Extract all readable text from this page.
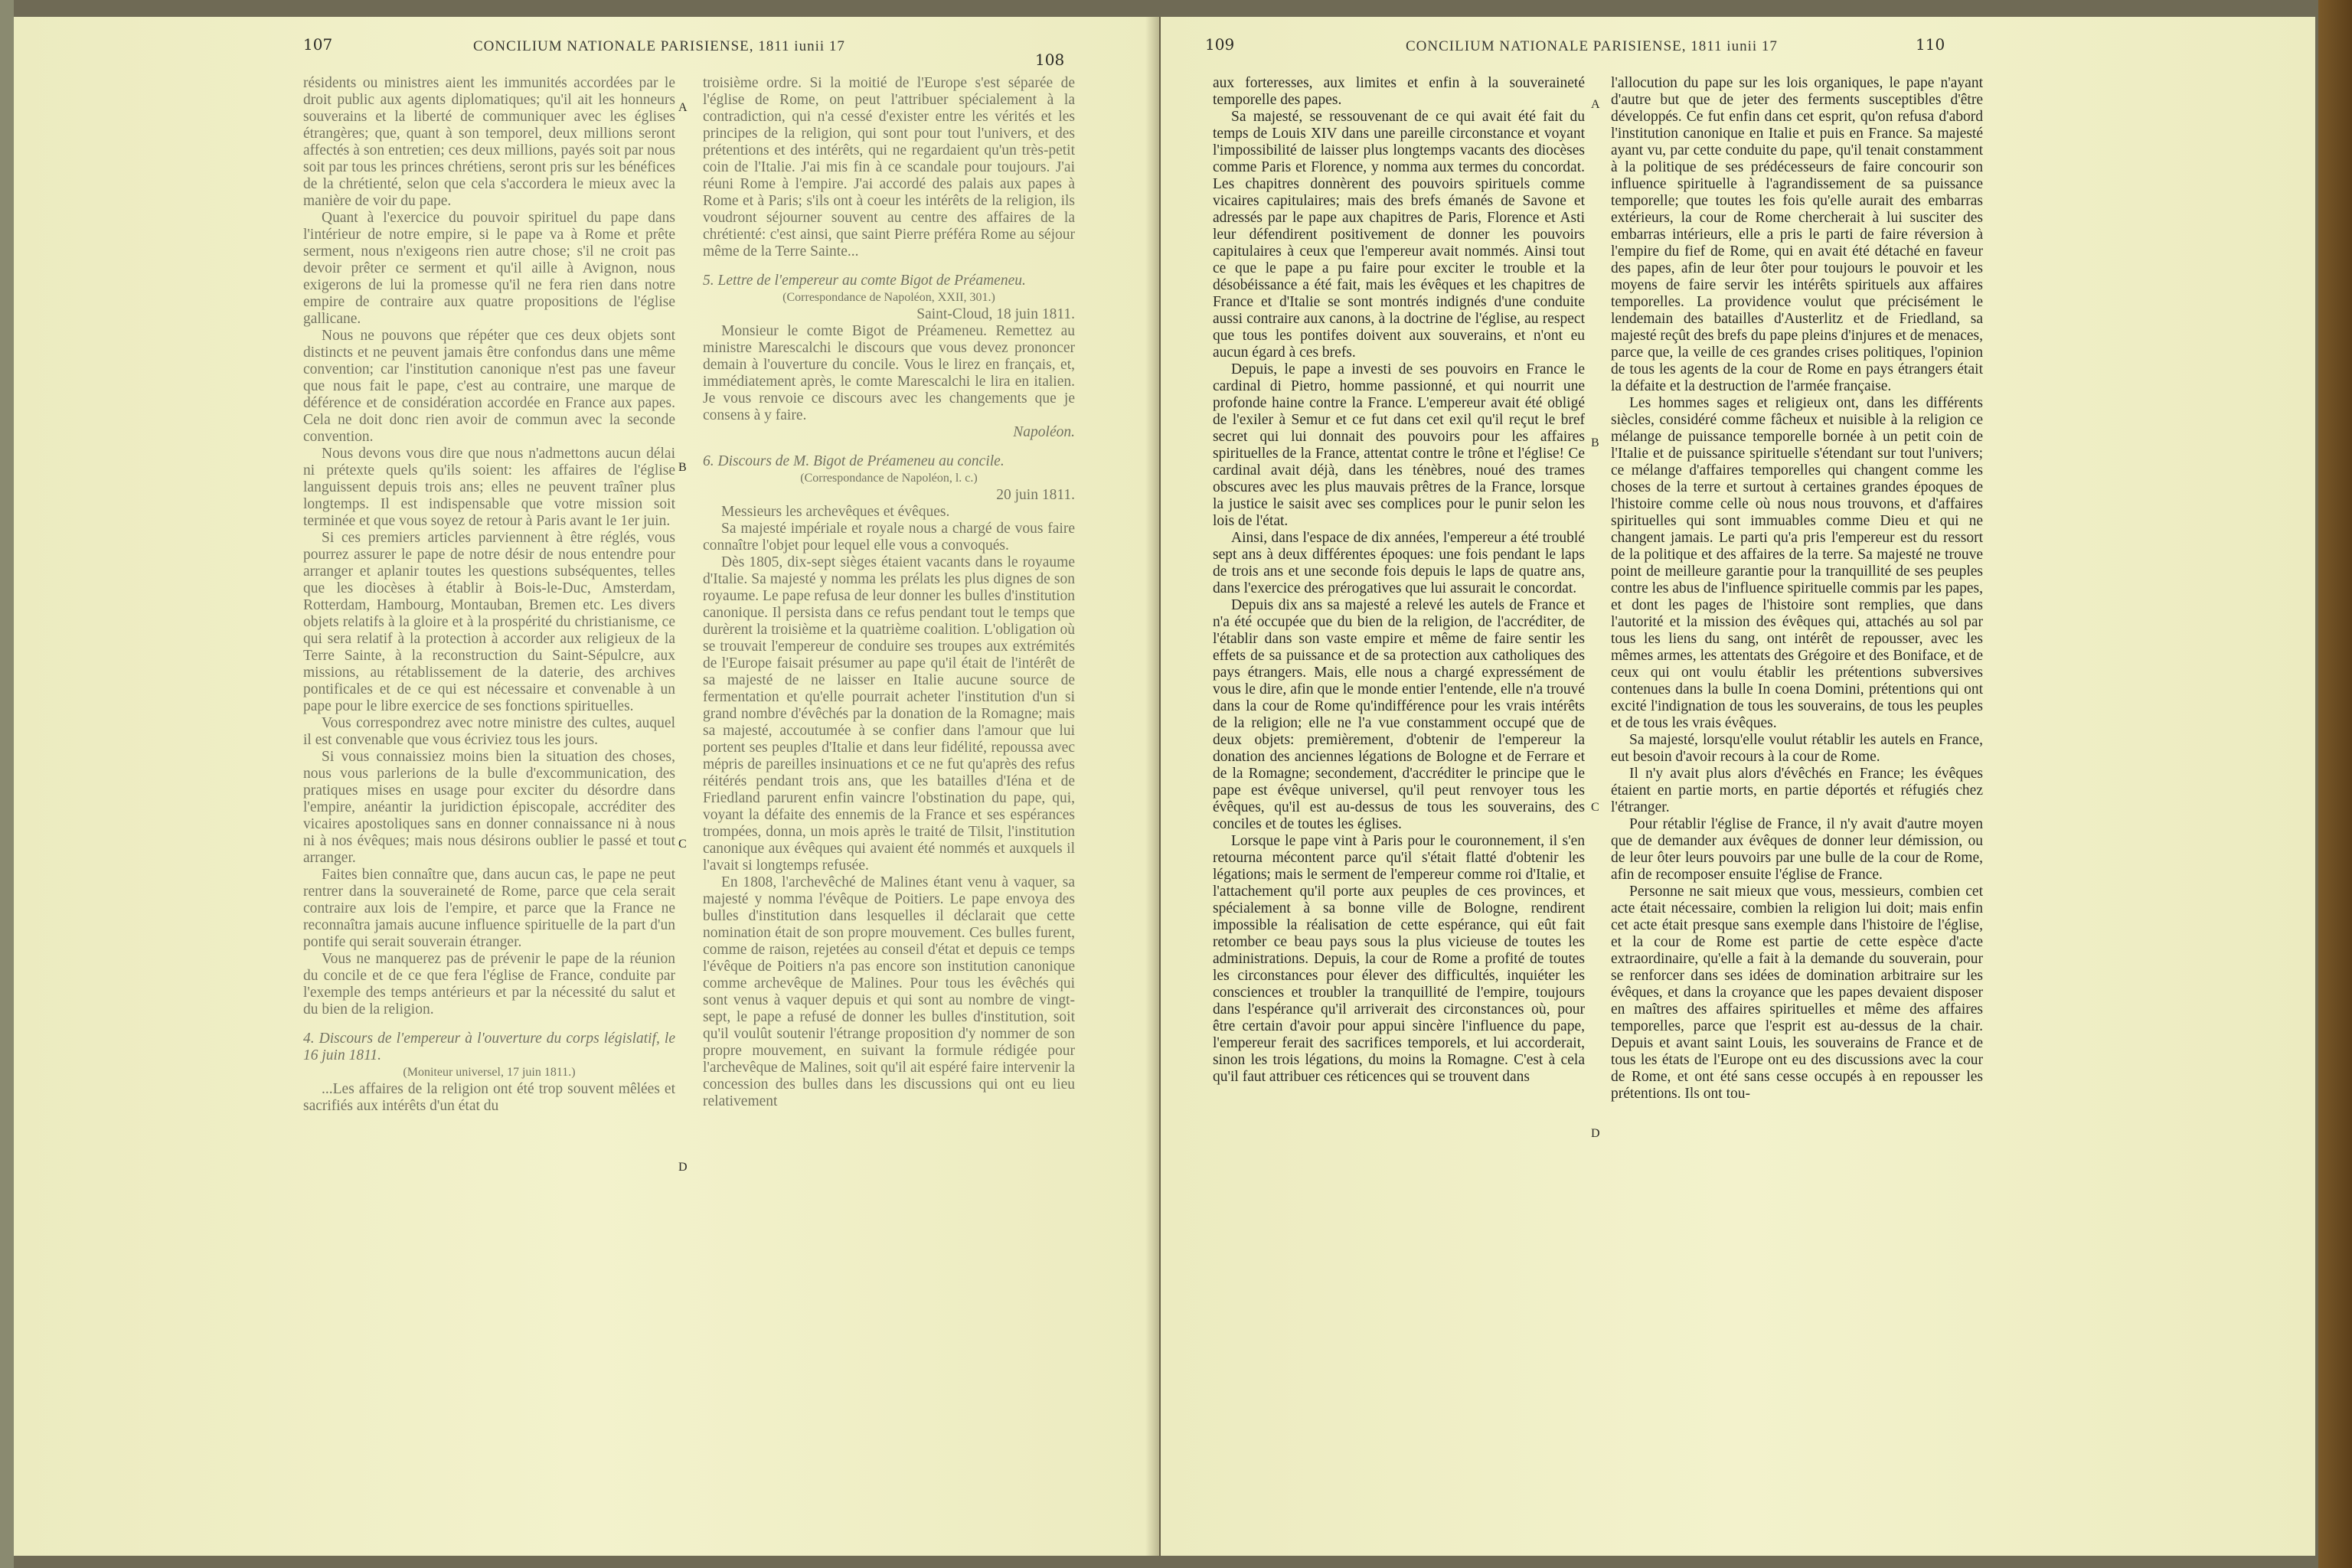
107	CONCILIUM NATIONALE PARISIENSE, 1811 iunii 17
108

résidents ou ministres aient les immunités accordées par le droit public aux agents diplomatiques; qu'il ait les honneurs souverains et la liberté de communiquer avec les églises étrangères; que, quant à son temporel, deux millions seront affectés à son entretien; ces deux millions, payés soit par nous soit par tous les princes chrétiens, seront pris sur les bénéfices de la chrétienté, selon que cela s'accordera le mieux avec la manière de voir du pape.

Quant à l'exercice du pouvoir spirituel du pape dans l'intérieur de notre empire, si le pape va à Rome et prête serment, nous n'exigeons rien autre chose; s'il ne croit pas devoir prêter ce serment et qu'il aille à Avignon, nous exigerons de lui la promesse qu'il ne fera rien dans notre empire de contraire aux quatre propositions de l'église gallicane.

Nous ne pouvons que répéter que ces deux objets sont distincts et ne peuvent jamais être confondus dans une même convention; car l'institution canonique n'est pas une faveur que nous fait le pape, c'est au contraire, une marque de déférence et de considération accordée en France aux papes. Cela ne doit donc rien avoir de commun avec la seconde convention.

Nous devons vous dire que nous n'admettons aucun délai ni prétexte quels qu'ils soient: les affaires de l'église languissent depuis trois ans; elles ne peuvent traîner plus longtemps. Il est indispensable que votre mission soit terminée et que vous soyez de retour à Paris avant le 1er juin.

Si ces premiers articles parviennent à être réglés, vous pourrez assurer le pape de notre désir de nous entendre pour arranger et aplanir toutes les questions subséquentes, telles que les diocèses à établir à Bois-le-Duc, Amsterdam, Rotterdam, Hambourg, Montauban, Bremen etc. Les divers objets relatifs à la gloire et à la prospérité du christianisme, ce qui sera relatif à la protection à accorder aux religieux de la Terre Sainte, à la reconstruction du Saint-Sépulcre, aux missions, au rétablissement de la daterie, des archives pontificales et de ce qui est nécessaire et convenable à un pape pour le libre exercice de ses fonctions spirituelles.

Vous correspondrez avec notre ministre des cultes, auquel il est convenable que vous écriviez tous les jours.

Si vous connaissiez moins bien la situation des choses, nous vous parlerions de la bulle d'excommunication, des pratiques mises en usage pour exciter du désordre dans l'empire, anéantir la juridiction épiscopale, accréditer des vicaires apostoliques sans en donner connaissance ni à nous ni à nos évêques; mais nous désirons oublier le passé et tout arranger.

Faites bien connaître que, dans aucun cas, le pape ne peut rentrer dans la souveraineté de Rome, parce que cela serait contraire aux lois de l'empire, et parce que la France ne reconnaîtra jamais aucune influence spirituelle de la part d'un pontife qui serait souverain étranger.

Vous ne manquerez pas de prévenir le pape de la réunion du concile et de ce que fera l'église de France, conduite par l'exemple des temps antérieurs et par la nécessité du salut et du bien de la religion.

4. Discours de l'empereur à l'ouverture du corps législatif, le 16 juin 1811.

(Moniteur universel, 17 juin 1811.)

...Les affaires de la religion ont été trop souvent mêlées et sacrifiés aux intérêts d'un état du

troisième ordre. Si la moitié de l'Europe s'est séparée de l'église de Rome, on peut l'attribuer spécialement à la contradiction, qui n'a cessé d'exister entre les vérités et les principes de la religion, qui sont pour tout l'univers, et des prétentions et des intérêts, qui ne regardaient qu'un très-petit coin de l'Italie. J'ai mis fin à ce scandale pour toujours. J'ai réuni Rome à l'empire. J'ai accordé des palais aux papes à Rome et à Paris; s'ils ont à coeur les intérêts de la religion, ils voudront séjourner souvent au centre des affaires de la chrétienté: c'est ainsi, que saint Pierre préféra Rome au séjour même de la Terre Sainte...

5. Lettre de l'empereur au comte Bigot de Préameneu.

(Correspondance de Napoléon, XXII, 301.)

Saint-Cloud, 18 juin 1811.

Monsieur le comte Bigot de Préameneu. Remettez au ministre Marescalchi le discours que vous devez prononcer demain à l'ouverture du concile. Vous le lirez en français, et, immédiatement après, le comte Marescalchi le lira en italien. Je vous renvoie ce discours avec les changements que je consens à y faire.

Napoléon.

6. Discours de M. Bigot de Préameneu au concile.

(Correspondance de Napoléon, l. c.)

20 juin 1811.

Messieurs les archevêques et évêques.

Sa majesté impériale et royale nous a chargé de vous faire connaître l'objet pour lequel elle vous a convoqués.

Dès 1805, dix-sept sièges étaient vacants dans le royaume d'Italie. Sa majesté y nomma les prélats les plus dignes de son royaume. Le pape refusa de leur donner les bulles d'institution canonique. Il persista dans ce refus pendant tout le temps que durèrent la troisième et la quatrième coalition. L'obligation où se trouvait l'empereur de conduire ses troupes aux extrémités de l'Europe faisait présumer au pape qu'il était de l'intérêt de sa majesté de ne laisser en Italie aucune source de fermentation et qu'elle pourrait acheter l'institution d'un si grand nombre d'évêchés par la donation de la Romagne; mais sa majesté, accoutumée à se confier dans l'amour que lui portent ses peuples d'Italie et dans leur fidélité, repoussa avec mépris de pareilles insinuations et ce ne fut qu'après des refus réitérés pendant trois ans, que les batailles d'Iéna et de Friedland parurent enfin vaincre l'obstination du pape, qui, voyant la défaite des ennemis de la France et ses espérances trompées, donna, un mois après le traité de Tilsit, l'institution canonique aux évêques qui avaient été nommés et auxquels il l'avait si longtemps refusée.

En 1808, l'archevêché de Malines étant venu à vaquer, sa majesté y nomma l'évêque de Poitiers. Le pape envoya des bulles d'institution dans lesquelles il déclarait que cette nomination était de son propre mouvement. Ces bulles furent, comme de raison, rejetées au conseil d'état et depuis ce temps l'évêque de Poitiers n'a pas encore son institution canonique comme archevêque de Malines. Pour tous les évêchés qui sont venus à vaquer depuis et qui sont au nombre de vingt-sept, le pape a refusé de donner les bulles d'institution, soit qu'il voulût soutenir l'étrange proposition d'y nommer de son propre mouvement, en suivant la formule rédigée pour l'archevêque de Malines, soit qu'il ait espéré faire intervenir la concession des bulles dans les discussions qui ont eu lieu relativement

A
B
C
D
109	CONCILIUM NATIONALE PARISIENSE, 1811 iunii 17	110

aux forteresses, aux limites et enfin à la souveraineté temporelle des papes.

Sa majesté, se ressouvenant de ce qui avait été fait du temps de Louis XIV dans une pareille circonstance et voyant l'impossibilité de laisser plus longtemps vacants des diocèses comme Paris et Florence, y nomma aux termes du concordat. Les chapitres donnèrent des pouvoirs spirituels comme vicaires capitulaires; mais des brefs émanés de Savone et adressés par le pape aux chapitres de Paris, Florence et Asti leur défendirent positivement de donner les pouvoirs capitulaires à ceux que l'empereur avait nommés. Ainsi tout ce que le pape a pu faire pour exciter le trouble et la désobéissance a été fait, mais les évêques et les chapitres de France et d'Italie se sont montrés indignés d'une conduite aussi contraire aux canons, à la doctrine de l'église, au respect que tous les pontifes doivent aux souverains, et n'ont eu aucun égard à ces brefs.

Depuis, le pape a investi de ses pouvoirs en France le cardinal di Pietro, homme passionné, et qui nourrit une profonde haine contre la France. L'empereur avait été obligé de l'exiler à Semur et ce fut dans cet exil qu'il reçut le bref secret qui lui donnait des pouvoirs pour les affaires spirituelles de la France, attentat contre le trône et l'église! Ce cardinal avait déjà, dans les ténèbres, noué des trames obscures avec les plus mauvais prêtres de la France, lorsque la justice le saisit avec ses complices pour le punir selon les lois de l'état.

Ainsi, dans l'espace de dix années, l'empereur a été troublé sept ans à deux différentes époques: une fois pendant le laps de trois ans et une seconde fois depuis le laps de quatre ans, dans l'exercice des prérogatives que lui assurait le concordat.

Depuis dix ans sa majesté a relevé les autels de France et n'a été occupée que du bien de la religion, de l'accréditer, de l'établir dans son vaste empire et même de faire sentir les effets de sa puissance et de sa protection aux catholiques des pays étrangers. Mais, elle nous a chargé expressément de vous le dire, afin que le monde entier l'entende, elle n'a trouvé dans la cour de Rome qu'indifférence pour les vrais intérêts de la religion; elle ne l'a vue constamment occupé que de deux objets: premièrement, d'obtenir de l'empereur la donation des anciennes légations de Bologne et de Ferrare et de la Romagne; secondement, d'accréditer le principe que le pape est évêque universel, qu'il peut renvoyer tous les évêques, qu'il est au-dessus de tous les souverains, des conciles et de toutes les églises.

Lorsque le pape vint à Paris pour le couronnement, il s'en retourna mécontent parce qu'il s'était flatté d'obtenir les légations; mais le serment de l'empereur comme roi d'Italie, et l'attachement qu'il porte aux peuples de ces provinces, et spécialement à sa bonne ville de Bologne, rendirent impossible la réalisation de cette espérance, qui eût fait retomber ce beau pays sous la plus vicieuse de toutes les administrations. Depuis, la cour de Rome a profité de toutes les circonstances pour élever des difficultés, inquiéter les consciences et troubler la tranquillité de l'empire, toujours dans l'espérance qu'il arriverait des circonstances où, pour être certain d'avoir pour appui sincère l'influence du pape, l'empereur ferait des sacrifices temporels, et lui accorderait, sinon les trois légations, du moins la Romagne. C'est à cela qu'il faut attribuer ces réticences qui se trouvent dans

l'allocution du pape sur les lois organiques, le pape n'ayant d'autre but que de jeter des ferments susceptibles d'être développés. Ce fut enfin dans cet esprit, qu'on refusa d'abord l'institution canonique en Italie et puis en France. Sa majesté ayant vu, par cette conduite du pape, qu'il tenait constamment à la politique de ses prédécesseurs de faire concourir son influence spirituelle à l'agrandissement de sa puissance temporelle; que toutes les fois qu'elle aurait des embarras extérieurs, la cour de Rome chercherait à lui susciter des embarras intérieurs, elle a pris le parti de faire réversion à l'empire du fief de Rome, qui en avait été détaché en faveur des papes, afin de leur ôter pour toujours le pouvoir et les moyens de faire servir les intérêts spirituels aux affaires temporelles. La providence voulut que précisément le lendemain des batailles d'Austerlitz et de Friedland, sa majesté reçût des brefs du pape pleins d'injures et de menaces, parce que, la veille de ces grandes crises politiques, l'opinion de tous les agents de la cour de Rome en pays étrangers était la défaite et la destruction de l'armée française.

Les hommes sages et religieux ont, dans les différents siècles, considéré comme fâcheux et nuisible à la religion ce mélange de puissance temporelle bornée à un petit coin de l'Italie et de puissance spirituelle s'étendant sur tout l'univers; ce mélange d'affaires temporelles qui changent comme les choses de la terre et surtout à certaines grandes époques de l'histoire comme celle où nous nous trouvons, et d'affaires spirituelles qui sont immuables comme Dieu et qui ne changent jamais. Le parti qu'a pris l'empereur est du ressort de la politique et des affaires de la terre. Sa majesté ne trouve point de meilleure garantie pour la tranquillité de ses peuples contre les abus de l'influence spirituelle commis par les papes, et dont les pages de l'histoire sont remplies, que dans l'autorité et la mission des évêques qui, attachés au sol par tous les liens du sang, ont intérêt de repousser, avec les mêmes armes, les attentats des Grégoire et des Boniface, et de ceux qui ont voulu établir les prétentions subversives contenues dans la bulle In coena Domini, prétentions qui ont excité l'indignation de tous les souverains, de tous les peuples et de tous les vrais évêques.

Sa majesté, lorsqu'elle voulut rétablir les autels en France, eut besoin d'avoir recours à la cour de Rome.

Il n'y avait plus alors d'évêchés en France; les évêques étaient en partie morts, en partie déportés et réfugiés chez l'étranger.

Pour rétablir l'église de France, il n'y avait d'autre moyen que de demander aux évêques de donner leur démission, ou de leur ôter leurs pouvoirs par une bulle de la cour de Rome, afin de recomposer ensuite l'église de France.

Personne ne sait mieux que vous, messieurs, combien cet acte était nécessaire, combien la religion lui doit; mais enfin cet acte était presque sans exemple dans l'histoire de l'église, et la cour de Rome est partie de cette espèce d'acte extraordinaire, qu'elle a fait à la demande du souverain, pour se renforcer dans ses idées de domination arbitraire sur les évêques, et dans la croyance que les papes devaient disposer en maîtres des affaires spirituelles et même des affaires temporelles, parce que l'esprit est au-dessus de la chair. Depuis et avant saint Louis, les souverains de France et de tous les états de l'Europe ont eu des discussions avec la cour de Rome, et ont été sans cesse occupés à en repousser les prétentions. Ils ont tou-

A
B
C
D
